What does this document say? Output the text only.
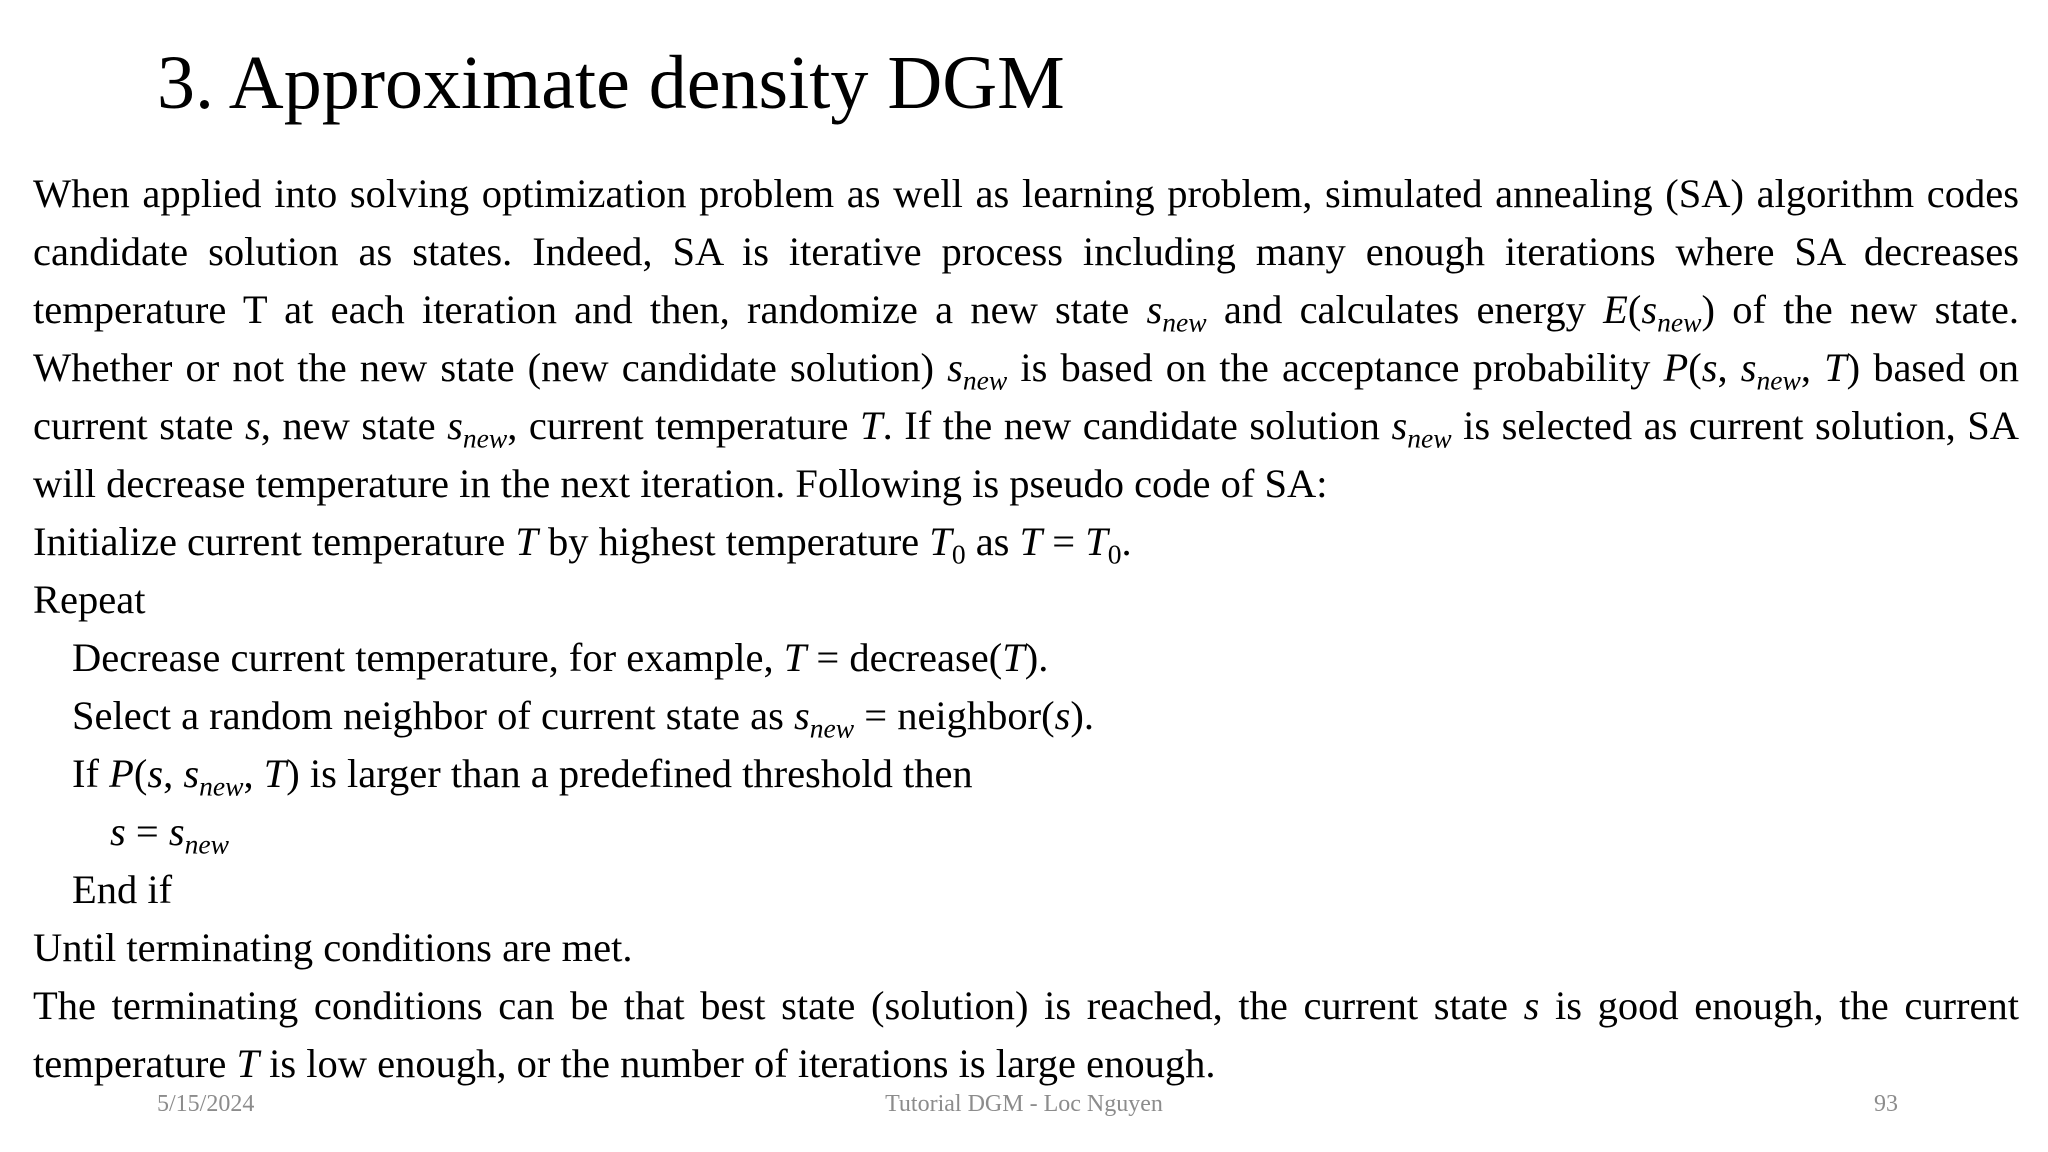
3. Approximate density DGM

When applied into solving optimization problem as well as learning problem, simulated annealing (SA) algorithm codes candidate solution as states. Indeed, SA is iterative process including many enough iterations where SA decreases temperature T at each iteration and then, randomize a new state $s_{new}$ and calculates energy $E(s_{new})$ of the new state. Whether or not the new state (new candidate solution) $s_{new}$ is based on the acceptance probability P(s, $s_{new}$, T) based on current state s, new state $s_{new}$, current temperature T. If the new candidate solution $s_{new}$ is selected as current solution, SA will decrease temperature in the next iteration. Following is pseudo code of SA:

Initialize current temperature T by highest temperature $T_0$ as $T = T_0$.

Repeat

Decrease current temperature, for example, T = decrease(T).

Select a random neighbor of current state as $s_{new}$ = neighbor(s).

If P(s, $s_{new}$, T) is larger than a predefined threshold then

$s = s_{new}$

End if

Until terminating conditions are met.

The terminating conditions can be that best state (solution) is reached, the current state s is good enough, the current temperature T is low enough, or the number of iterations is large enough.

5/15/2024	Tutorial DGM - Loc Nguyen	93
